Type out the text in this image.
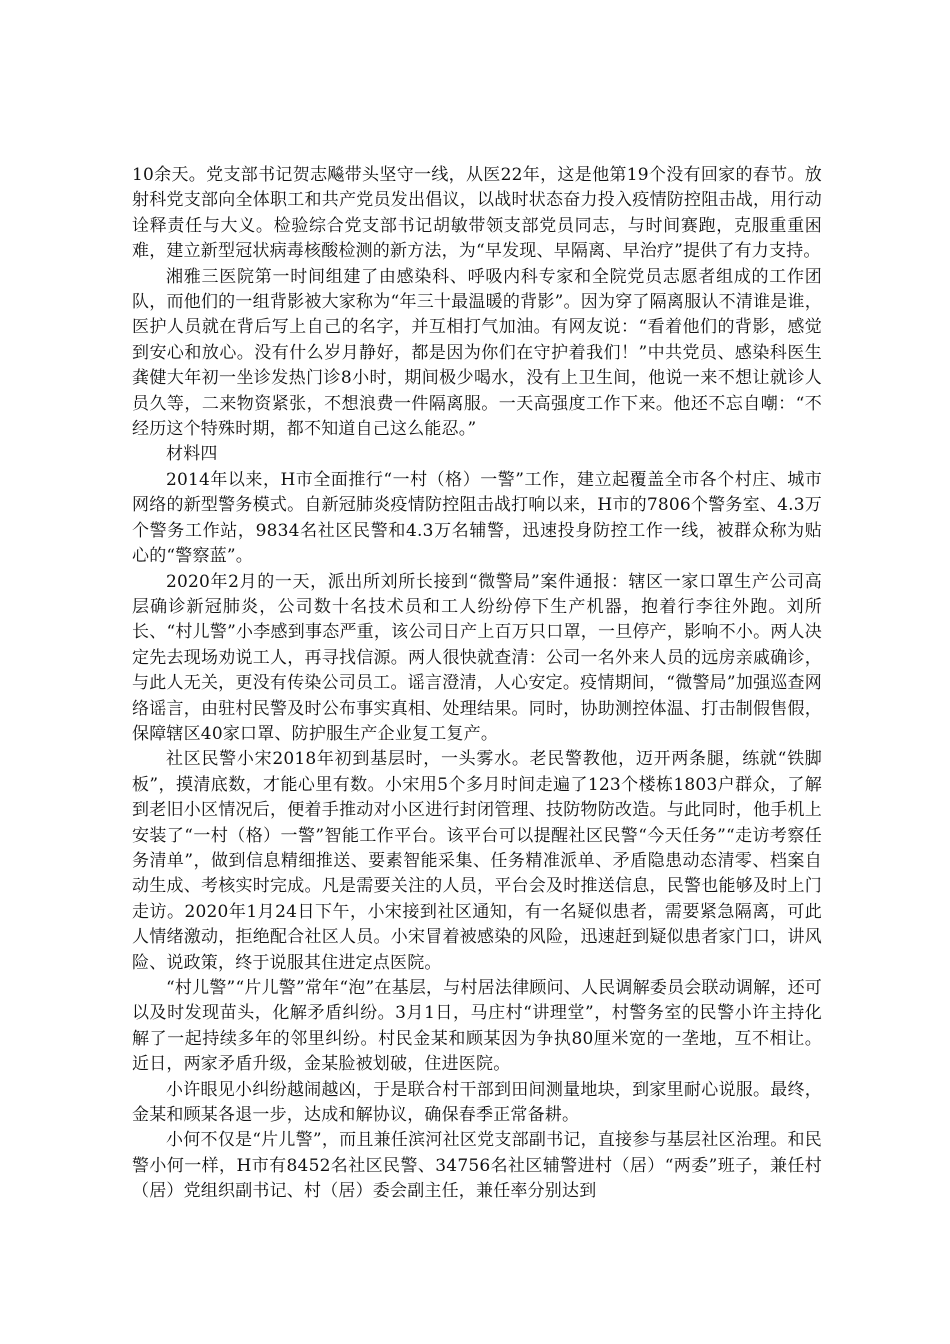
10余天。党支部书记贺志飚带头坚守一线，从医22年，这是他第19个没有回家的春节。放射科党支部向全体职工和共产党员发出倡议，以战时状态奋力投入疫情防控阻击战，用行动诠释责任与大义。检验综合党支部书记胡敏带领支部党员同志，与时间赛跑，克服重重困难，建立新型冠状病毒核酸检测的新方法，为“早发现、早隔离、早治疗”提供了有力支持。

湘雅三医院第一时间组建了由感染科、呼吸内科专家和全院党员志愿者组成的工作团队，而他们的一组背影被大家称为“年三十最温暖的背影”。因为穿了隔离服认不清谁是谁，医护人员就在背后写上自己的名字，并互相打气加油。有网友说：“看着他们的背影，感觉到安心和放心。没有什么岁月静好，都是因为你们在守护着我们！”中共党员、感染科医生龚健大年初一坐诊发热门诊8小时，期间极少喝水，没有上卫生间，他说一来不想让就诊人员久等，二来物资紧张，不想浪费一件隔离服。一天高强度工作下来。他还不忘自嘲：“不经历这个特殊时期，都不知道自己这么能忍。”

材料四

2014年以来，H市全面推行“一村（格）一警”工作，建立起覆盖全市各个村庄、城市网络的新型警务模式。自新冠肺炎疫情防控阻击战打响以来，H市的7806个警务室、4.3万个警务工作站，9834名社区民警和4.3万名辅警，迅速投身防控工作一线，被群众称为贴心的“警察蓝”。

2020年2月的一天，派出所刘所长接到“微警局”案件通报：辖区一家口罩生产公司高层确诊新冠肺炎，公司数十名技术员和工人纷纷停下生产机器，抱着行李往外跑。刘所长、“村儿警”小李感到事态严重，该公司日产上百万只口罩，一旦停产，影响不小。两人决定先去现场劝说工人，再寻找信源。两人很快就查清：公司一名外来人员的远房亲戚确诊，与此人无关，更没有传染公司员工。谣言澄清，人心安定。疫情期间，“微警局”加强巡查网络谣言，由驻村民警及时公布事实真相、处理结果。同时，协助测控体温、打击制假售假，保障辖区40家口罩、防护服生产企业复工复产。

社区民警小宋2018年初到基层时，一头雾水。老民警教他，迈开两条腿，练就“铁脚板”，摸清底数，才能心里有数。小宋用5个多月时间走遍了123个楼栋1803户群众，了解到老旧小区情况后，便着手推动对小区进行封闭管理、技防物防改造。与此同时，他手机上安装了“一村（格）一警”智能工作平台。该平台可以提醒社区民警“今天任务”“走访考察任务清单”，做到信息精细推送、要素智能采集、任务精准派单、矛盾隐患动态清零、档案自动生成、考核实时完成。凡是需要关注的人员，平台会及时推送信息，民警也能够及时上门走访。2020年1月24日下午，小宋接到社区通知，有一名疑似患者，需要紧急隔离，可此人情绪激动，拒绝配合社区人员。小宋冒着被感染的风险，迅速赶到疑似患者家门口，讲风险、说政策，终于说服其住进定点医院。

“村儿警”“片儿警”常年“泡”在基层，与村居法律顾问、人民调解委员会联动调解，还可以及时发现苗头，化解矛盾纠纷。3月1日，马庄村“讲理堂”，村警务室的民警小许主持化解了一起持续多年的邻里纠纷。村民金某和顾某因为争执80厘米宽的一垄地，互不相让。近日，两家矛盾升级，金某脸被划破，住进医院。

小许眼见小纠纷越闹越凶，于是联合村干部到田间测量地块，到家里耐心说服。最终，金某和顾某各退一步，达成和解协议，确保春季正常备耕。

小何不仅是“片儿警”，而且兼任滨河社区党支部副书记，直接参与基层社区治理。和民警小何一样，H市有8452名社区民警、34756名社区辅警进村（居）“两委”班子，兼任村（居）党组织副书记、村（居）委会副主任，兼任率分别达到
